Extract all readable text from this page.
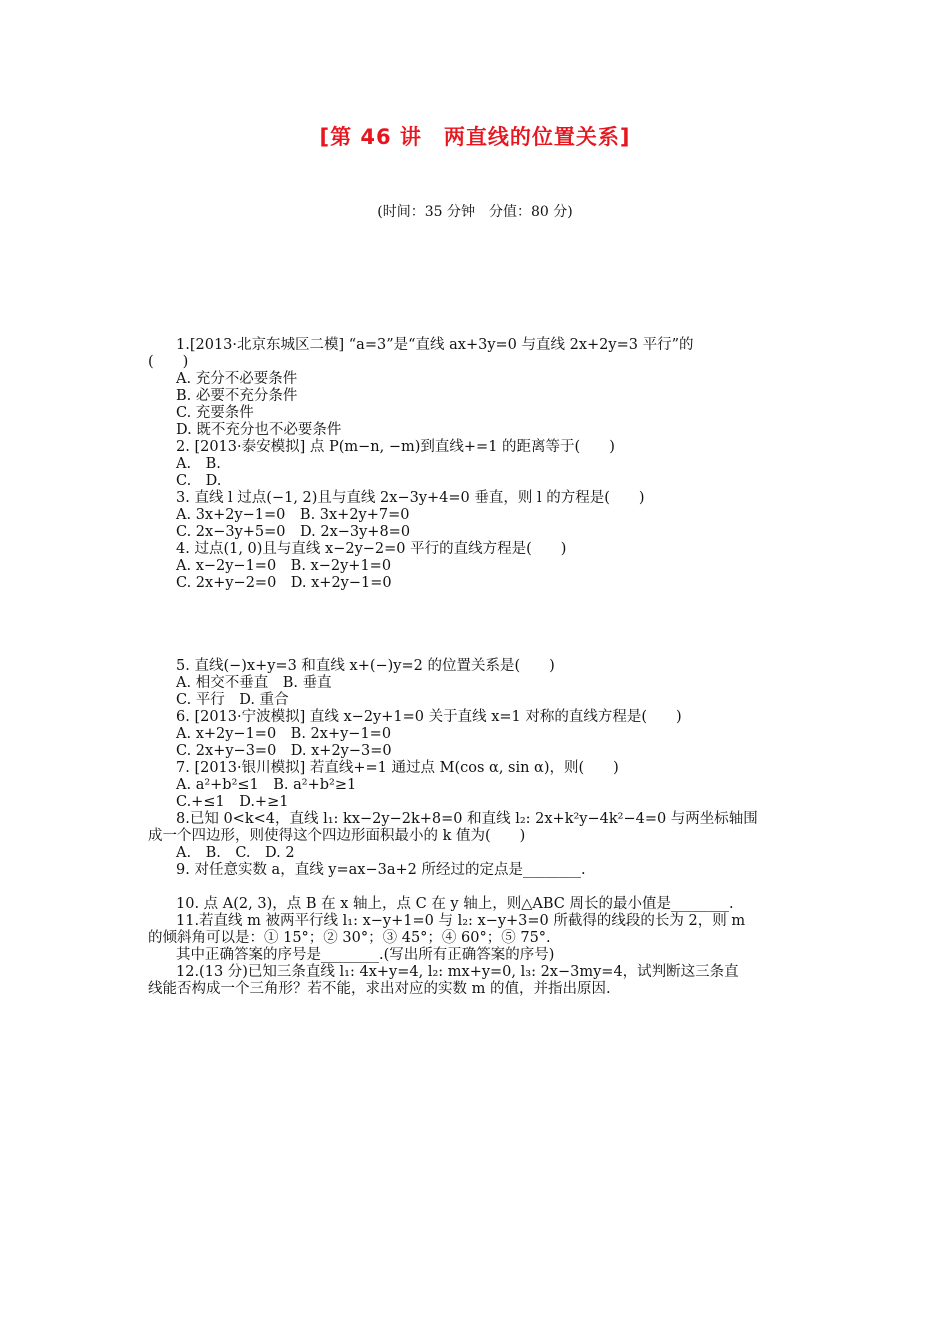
[第 46 讲　两直线的位置关系]
(时间：35 分钟　分值：80 分)
1.[2013·北京东城区二模] “a=3”是“直线 ax+3y=0 与直线 2x+2y=3 平行”的
(　　)
A. 充分不必要条件
B. 必要不充分条件
C. 充要条件
D. 既不充分也不必要条件
2. [2013·泰安模拟] 点 P(m−n, −m)到直线+=1 的距离等于(　　)
A.　B.
C.　D.
3. 直线 l 过点(−1, 2)且与直线 2x−3y+4=0 垂直，则 l 的方程是(　　)
A. 3x+2y−1=0　B. 3x+2y+7=0
C. 2x−3y+5=0　D. 2x−3y+8=0
4. 过点(1, 0)且与直线 x−2y−2=0 平行的直线方程是(　　)
A. x−2y−1=0　B. x−2y+1=0
C. 2x+y−2=0　D. x+2y−1=0
5. 直线(−)x+y=3 和直线 x+(−)y=2 的位置关系是(　　)
A. 相交不垂直　B. 垂直
C. 平行　D. 重合
6. [2013·宁波模拟] 直线 x−2y+1=0 关于直线 x=1 对称的直线方程是(　　)
A. x+2y−1=0　B. 2x+y−1=0
C. 2x+y−3=0　D. x+2y−3=0
7. [2013·银川模拟] 若直线+=1 通过点 M(cos α, sin α)，则(　　)
A. a²+b²≤1　B. a²+b²≥1
C.+≤1　D.+≥1
8.已知 0<k<4，直线 l₁: kx−2y−2k+8=0 和直线 l₂: 2x+k²y−4k²−4=0 与两坐标轴围
成一个四边形，则使得这个四边形面积最小的 k 值为(　　)
A.　B.　C.　D. 2
9. 对任意实数 a，直线 y=ax−3a+2 所经过的定点是________.
10. 点 A(2, 3)，点 B 在 x 轴上，点 C 在 y 轴上，则△ABC 周长的最小值是________.
11.若直线 m 被两平行线 l₁: x−y+1=0 与 l₂: x−y+3=0 所截得的线段的长为 2，则 m
的倾斜角可以是：① 15°；② 30°；③ 45°；④ 60°；⑤ 75°.
其中正确答案的序号是________.(写出所有正确答案的序号)
12.(13 分)已知三条直线 l₁: 4x+y=4, l₂: mx+y=0, l₃: 2x−3my=4，试判断这三条直
线能否构成一个三角形？若不能，求出对应的实数 m 的值，并指出原因.
